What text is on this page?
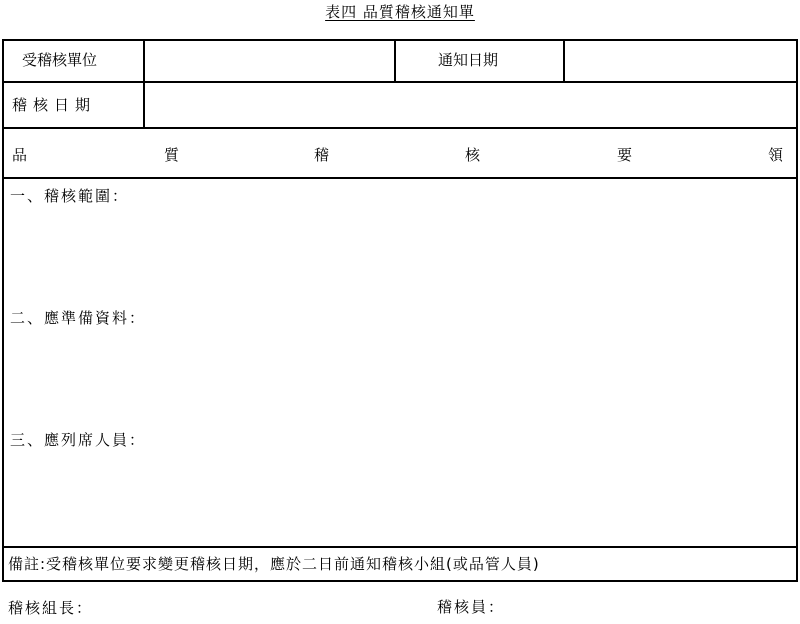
表四 品質稽核通知單
受稽核單位	通知日期
稽核日期
品	質	稽	核	要	領
一、稽核範圍：
二、應準備資料：
三、應列席人員：
備註:受稽核單位要求變更稽核日期，應於二日前通知稽核小組(或品管人員)
稽核組長：	稽核員：
